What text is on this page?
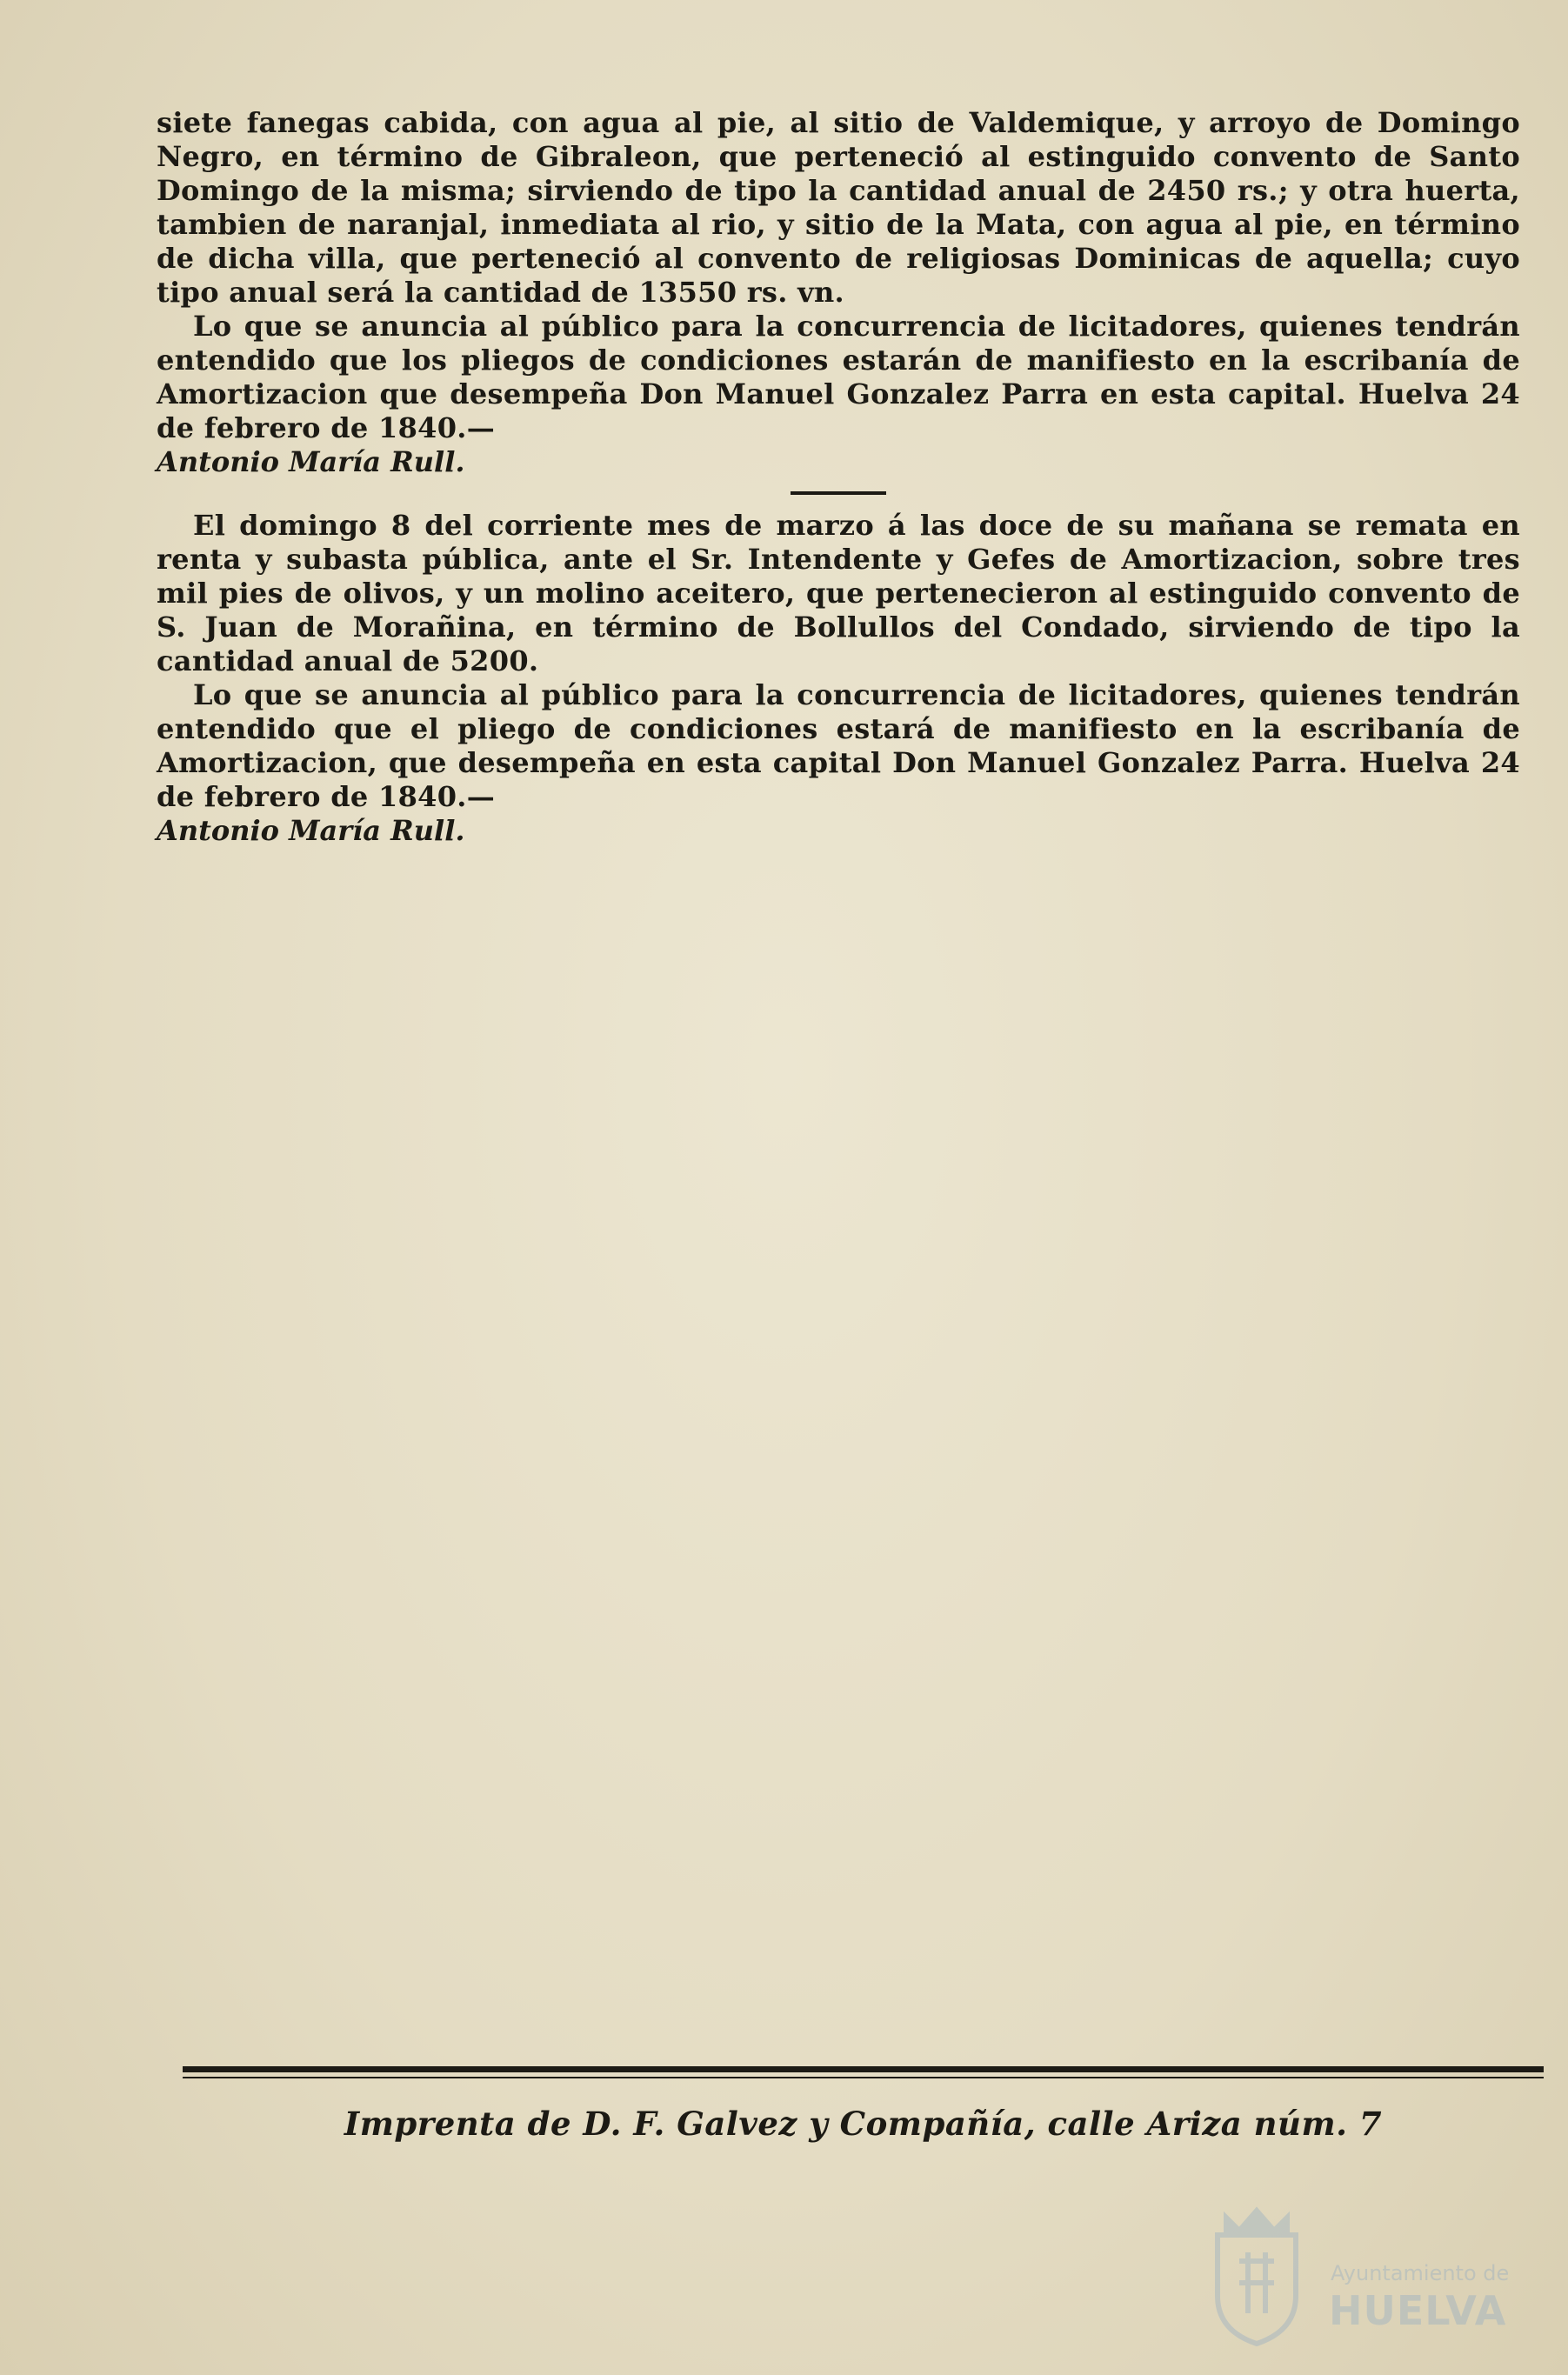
siete fanegas cabida, con agua al pie, al sitio de Valdemique, y arroyo de Domingo Negro, en término de Gibraleon, que perteneció al estinguido convento de Santo Domingo de la misma; sirviendo de tipo la cantidad anual de 2450 rs.; y otra huerta, tambien de naranjal, inmediata al rio, y sitio de la Mata, con agua al pie, en término de dicha villa, que perteneció al convento de religiosas Dominicas de aquella; cuyo tipo anual será la cantidad de 13550 rs. vn.

Lo que se anuncia al público para la concurrencia de licitadores, quienes tendrán entendido que los pliegos de condiciones estarán de manifiesto en la escribanía de Amortizacion que desempeña Don Manuel Gonzalez Parra en esta capital. Huelva 24 de febrero de 1840.—

Antonio María Rull.

El domingo 8 del corriente mes de marzo á las doce de su mañana se remata en renta y subasta pública, ante el Sr. Intendente y Gefes de Amortizacion, sobre tres mil pies de olivos, y un molino aceitero, que pertenecieron al estinguido convento de S. Juan de Morañina, en término de Bollullos del Condado, sirviendo de tipo la cantidad anual de 5200.

Lo que se anuncia al público para la concurrencia de licitadores, quienes tendrán entendido que el pliego de condiciones estará de manifiesto en la escribanía de Amortizacion, que desempeña en esta capital Don Manuel Gonzalez Parra. Huelva 24 de febrero de 1840.—

Antonio María Rull.

Imprenta de D. F. Galvez y Compañía, calle Ariza núm. 7
Ayuntamiento de
HUELVA
